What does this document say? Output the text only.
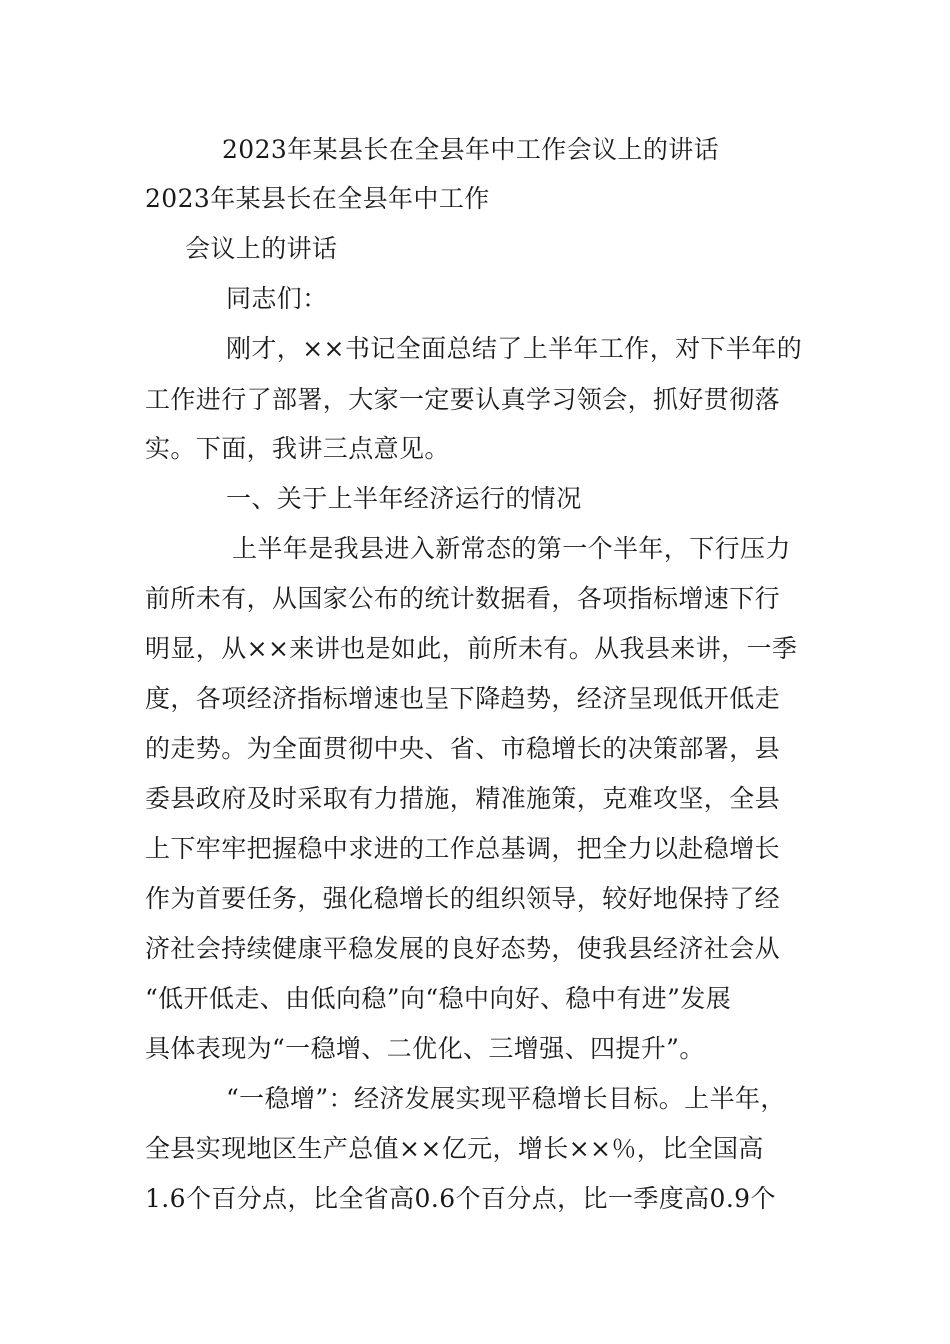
2023年某县长在全县年中工作会议上的讲话
2023年某县长在全县年中工作
会议上的讲话
同志们：
刚才，××书记全面总结了上半年工作，对下半年的
工作进行了部署，大家一定要认真学习领会，抓好贯彻落
实。下面，我讲三点意见。
一、关于上半年经济运行的情况
上半年是我县进入新常态的第一个半年，下行压力
前所未有，从国家公布的统计数据看，各项指标增速下行
明显，从××来讲也是如此，前所未有。从我县来讲，一季
度，各项经济指标增速也呈下降趋势，经济呈现低开低走
的走势。为全面贯彻中央、省、市稳增长的决策部署，县
委县政府及时采取有力措施，精准施策，克难攻坚，全县
上下牢牢把握稳中求进的工作总基调，把全力以赴稳增长
作为首要任务，强化稳增长的组织领导，较好地保持了经
济社会持续健康平稳发展的良好态势，使我县经济社会从
“低开低走、由低向稳”向“稳中向好、稳中有进”发展
具体表现为“一稳增、二优化、三增强、四提升”。
“一稳增”：经济发展实现平稳增长目标。上半年，
全县实现地区生产总值××亿元，增长××％，比全国高
1.6个百分点，比全省高0.6个百分点，比一季度高0.9个
